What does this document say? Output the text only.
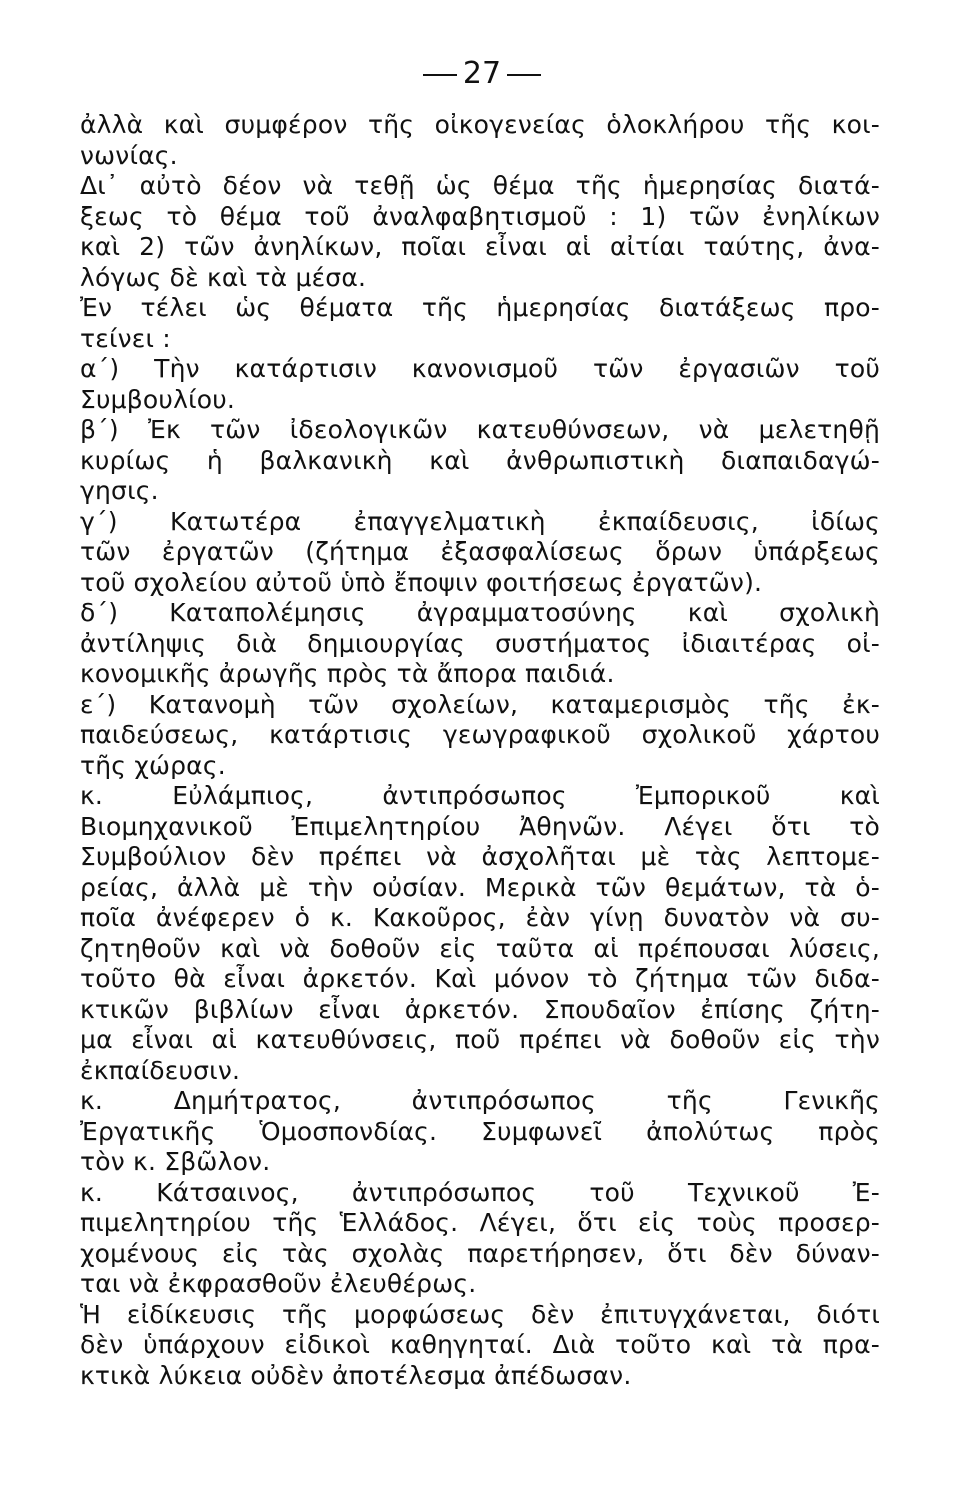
27
ἀλλὰ καὶ συμφέρον τῆς οἰκογενείας ὁλοκλήρου τῆς κοι-
νωνίας.
Δι᾽ αὐτὸ δέον νὰ τεθῇ ὡς θέμα τῆς ἡμερησίας διατά-
ξεως τὸ θέμα τοῦ ἀναλφαβητισμοῦ : 1) τῶν ἐνηλίκων
καὶ 2) τῶν ἀνηλίκων, ποῖαι εἶναι αἱ αἰτίαι ταύτης, ἀνα-
λόγως δὲ καὶ τὰ μέσα.
Ἐν τέλει ὡς θέματα τῆς ἡμερησίας διατάξεως προ-
τείνει :
α΄) Τὴν κατάρτισιν κανονισμοῦ τῶν ἐργασιῶν τοῦ
Συμβουλίου.
β΄) Ἐκ τῶν ἰδεολογικῶν κατευθύνσεων, νὰ μελετηθῇ
κυρίως ἡ βαλκανικὴ καὶ ἀνθρωπιστικὴ διαπαιδαγώ-
γησις.
γ΄) Κατωτέρα ἐπαγγελματικὴ ἐκπαίδευσις, ἰδίως
τῶν ἐργατῶν (ζήτημα ἐξασφαλίσεως ὅρων ὑπάρξεως
τοῦ σχολείου αὐτοῦ ὑπὸ ἔποψιν φοιτήσεως ἐργατῶν).
δ΄) Καταπολέμησις ἀγραμματοσύνης καὶ σχολικὴ
ἀντίληψις διὰ δημιουργίας συστήματος ἰδιαιτέρας οἰ-
κονομικῆς ἀρωγῆς πρὸς τὰ ἄπορα παιδιά.
ε΄) Κατανομὴ τῶν σχολείων, καταμερισμὸς τῆς ἐκ-
παιδεύσεως, κατάρτισις γεωγραφικοῦ σχολικοῦ χάρτου
τῆς χώρας.
κ. Εὐλάμπιος, ἀντιπρόσωπος Ἐμπορικοῦ καὶ
Βιομηχανικοῦ Ἐπιμελητηρίου Ἀθηνῶν. Λέγει ὅτι τὸ
Συμβούλιον δὲν πρέπει νὰ ἀσχολῆται μὲ τὰς λεπτομε-
ρείας, ἀλλὰ μὲ τὴν οὐσίαν. Μερικὰ τῶν θεμάτων, τὰ ὁ-
ποῖα ἀνέφερεν ὁ κ. Κακοῦρος, ἐὰν γίνῃ δυνατὸν νὰ συ-
ζητηθοῦν καὶ νὰ δοθοῦν εἰς ταῦτα αἱ πρέπουσαι λύσεις,
τοῦτο θὰ εἶναι ἀρκετόν. Καὶ μόνον τὸ ζήτημα τῶν διδα-
κτικῶν βιβλίων εἶναι ἀρκετόν. Σπουδαῖον ἐπίσης ζήτη-
μα εἶναι αἱ κατευθύνσεις, ποῦ πρέπει νὰ δοθοῦν εἰς τὴν
ἐκπαίδευσιν.
κ. Δημήτρατος, ἀντιπρόσωπος τῆς Γενικῆς
Ἐργατικῆς Ὁμοσπονδίας. Συμφωνεῖ ἀπολύτως πρὸς
τὸν κ. Σβῶλον.
κ. Κάτσαινος, ἀντιπρόσωπος τοῦ Τεχνικοῦ Ἐ-
πιμελητηρίου τῆς Ἑλλάδος. Λέγει, ὅτι εἰς τοὺς προσερ-
χομένους εἰς τὰς σχολὰς παρετήρησεν, ὅτι δὲν δύναν-
ται νὰ ἐκφρασθοῦν ἐλευθέρως.
Ἡ εἰδίκευσις τῆς μορφώσεως δὲν ἐπιτυγχάνεται, διότι
δὲν ὑπάρχουν εἰδικοὶ καθηγηταί. Διὰ τοῦτο καὶ τὰ πρα-
κτικὰ λύκεια οὐδὲν ἀποτέλεσμα ἀπέδωσαν.
